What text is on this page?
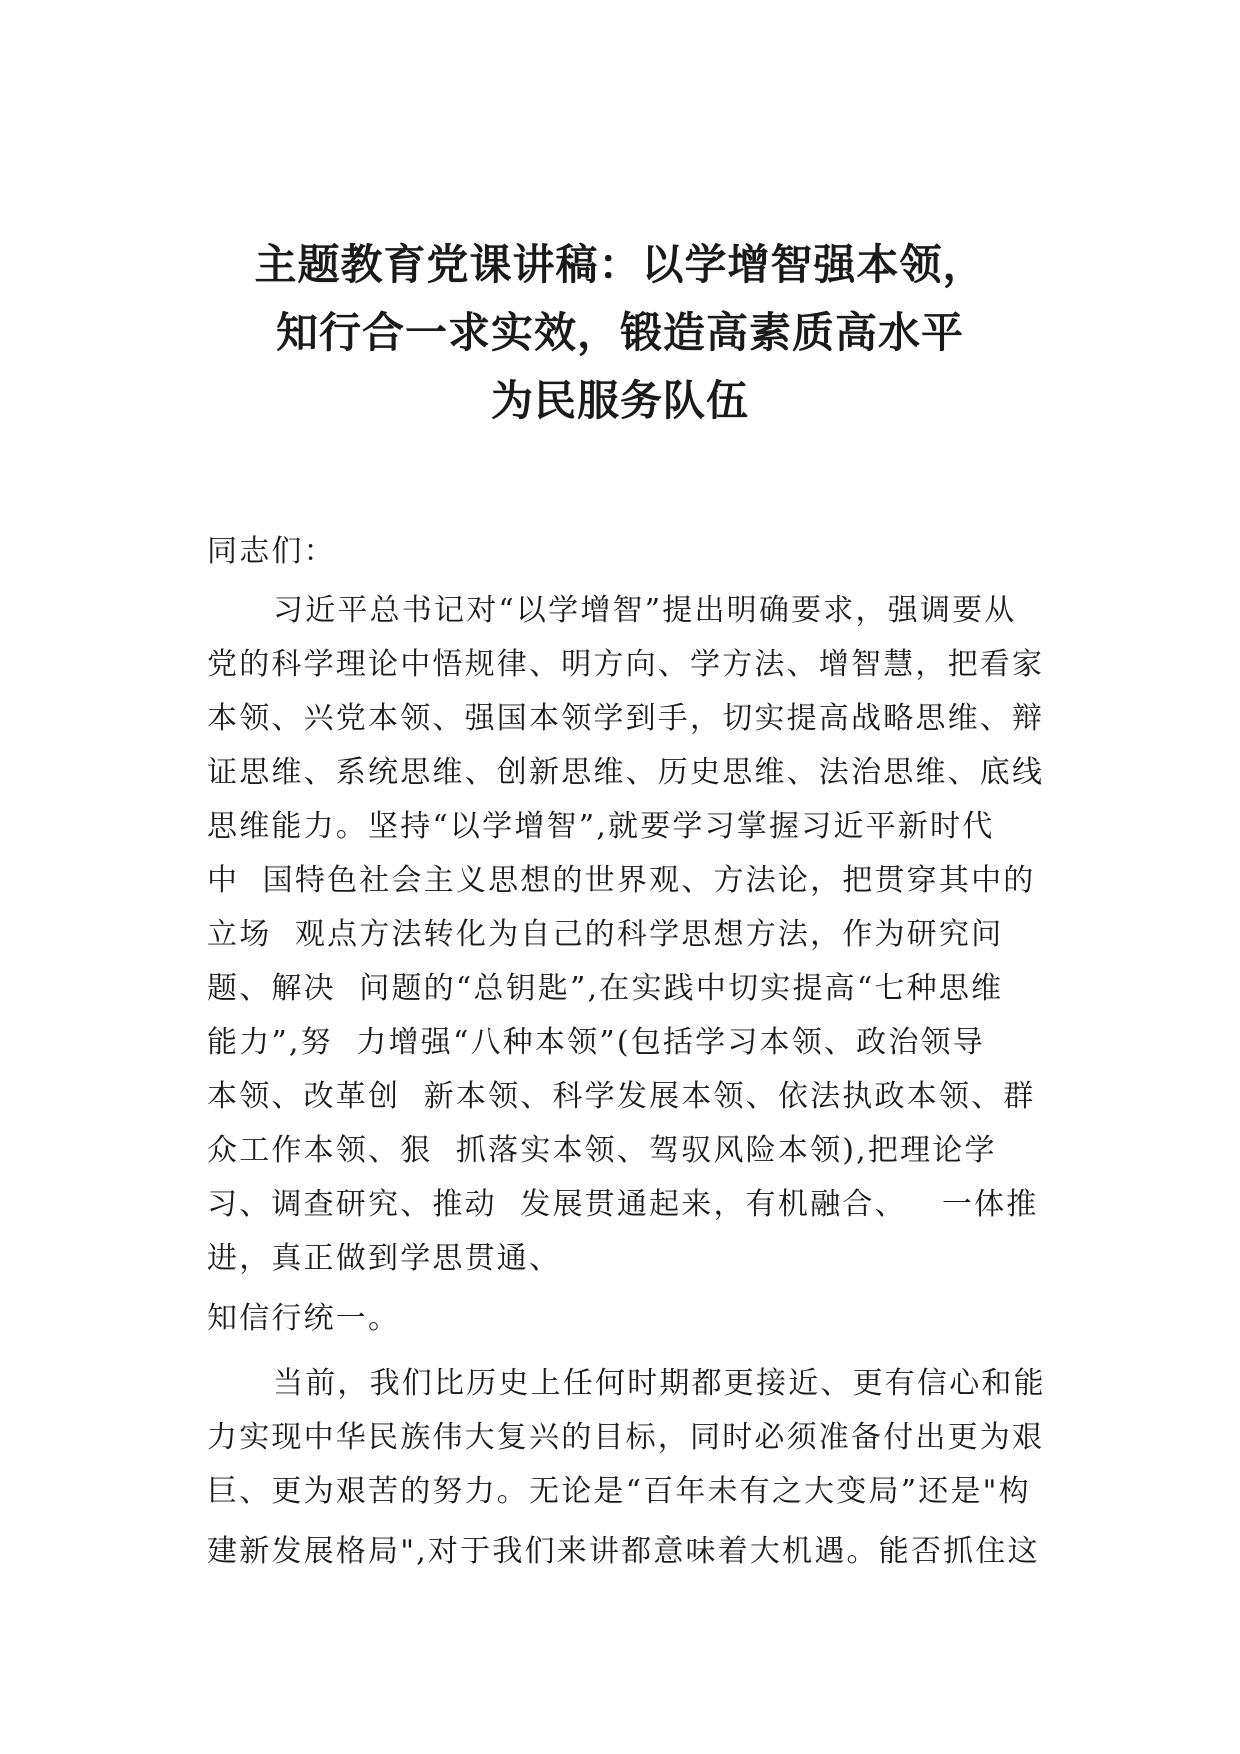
主题教育党课讲稿：以学增智强本领，
知行合一求实效，锻造高素质高水平
为民服务队伍
同志们：
习近平总书记对“以学增智”提出明确要求，强调要从
党的科学理论中悟规律、明方向、学方法、增智慧，把看家
本领、兴党本领、强国本领学到手，切实提高战略思维、辩
证思维、系统思维、创新思维、历史思维、法治思维、底线
思维能力。坚持“以学增智”,就要学习掌握习近平新时代
中  国特色社会主义思想的世界观、方法论，把贯穿其中的
立场  观点方法转化为自己的科学思想方法，作为研究问
题、解决  问题的“总钥匙”,在实践中切实提高“七种思维
能力”,努  力增强“八种本领”(包括学习本领、政治领导
本领、改革创  新本领、科学发展本领、依法执政本领、群
众工作本领、狠  抓落实本领、驾驭风险本领),把理论学
习、调查研究、推动  发展贯通起来，有机融合、   一体推
进，真正做到学思贯通、
知信行统一。
当前，我们比历史上任何时期都更接近、更有信心和能
力实现中华民族伟大复兴的目标，同时必须准备付出更为艰
巨、更为艰苦的努力。无论是“百年未有之大变局”还是"构
建新发展格局",对于我们来讲都意味着大机遇。能否抓住这
